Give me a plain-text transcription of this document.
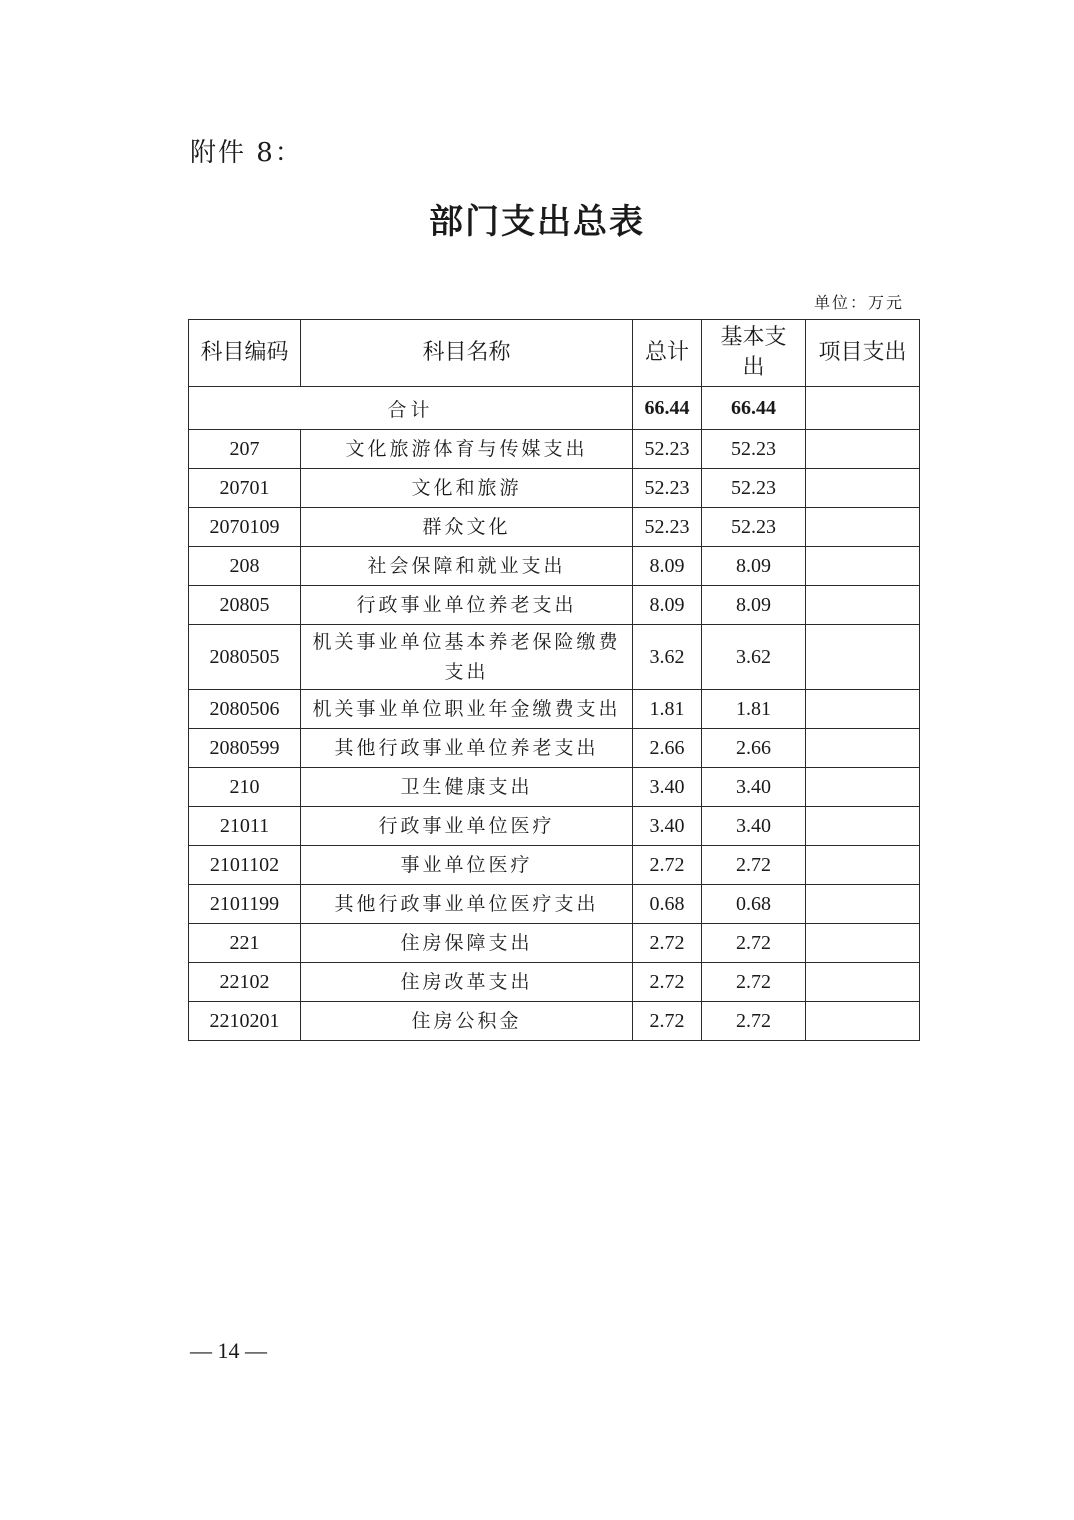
附件 8：
部门支出总表
单位：万元
科目编码	科目名称	总计	基本支出	项目支出
合计		66.44	66.44	
207	文化旅游体育与传媒支出	52.23	52.23	
20701	文化和旅游	52.23	52.23	
2070109	群众文化	52.23	52.23	
208	社会保障和就业支出	8.09	8.09	
20805	行政事业单位养老支出	8.09	8.09	
2080505	机关事业单位基本养老保险缴费支出	3.62	3.62	
2080506	机关事业单位职业年金缴费支出	1.81	1.81	
2080599	其他行政事业单位养老支出	2.66	2.66	
210	卫生健康支出	3.40	3.40	
21011	行政事业单位医疗	3.40	3.40	
2101102	事业单位医疗	2.72	2.72	
2101199	其他行政事业单位医疗支出	0.68	0.68	
221	住房保障支出	2.72	2.72	
22102	住房改革支出	2.72	2.72	
2210201	住房公积金	2.72	2.72	
— 14 —
